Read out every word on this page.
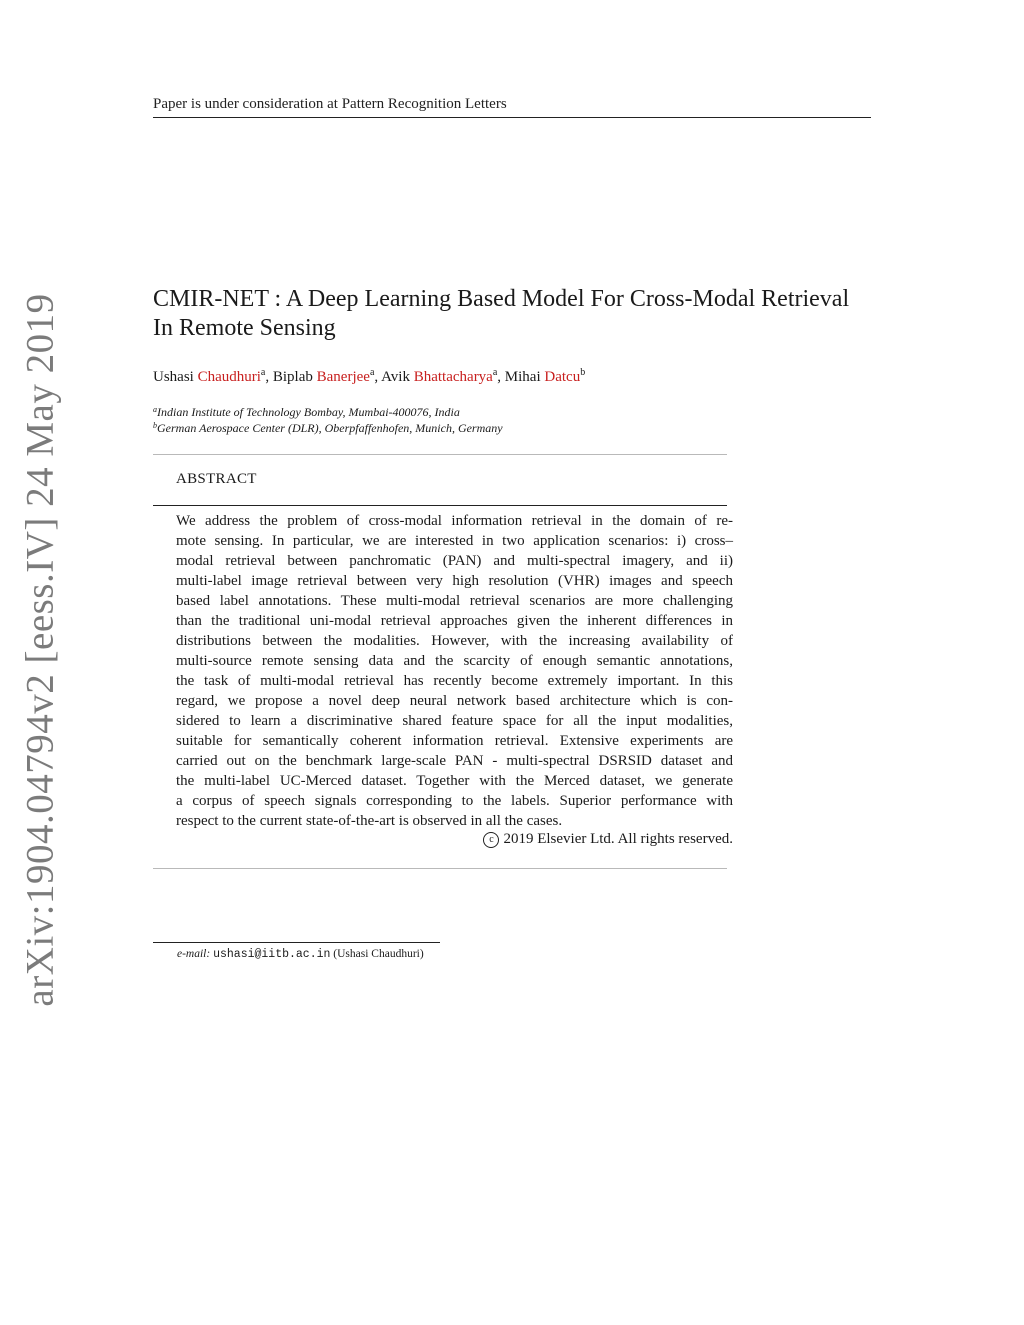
arXiv:1904.04794v2 [eess.IV] 24 May 2019
Paper is under consideration at Pattern Recognition Letters
CMIR-NET : A Deep Learning Based Model For Cross-Modal Retrieval
In Remote Sensing
Ushasi Chaudhuri$^a$, Biplab Banerjee$^a$, Avik Bhattacharya$^a$, Mihai Datcu$^b$
$^a$Indian Institute of Technology Bombay, Mumbai-400076, India
$^b$German Aerospace Center (DLR), Oberpfaffenhofen, Munich, Germany
ABSTRACT
We address the problem of cross-modal information retrieval in the domain of re-
mote sensing. In particular, we are interested in two application scenarios: i) cross–
modal retrieval between panchromatic (PAN) and multi-spectral imagery, and ii)
multi-label image retrieval between very high resolution (VHR) images and speech
based label annotations. These multi-modal retrieval scenarios are more challenging
than the traditional uni-modal retrieval approaches given the inherent differences in
distributions between the modalities. However, with the increasing availability of
multi-source remote sensing data and the scarcity of enough semantic annotations,
the task of multi-modal retrieval has recently become extremely important. In this
regard, we propose a novel deep neural network based architecture which is con-
sidered to learn a discriminative shared feature space for all the input modalities,
suitable for semantically coherent information retrieval. Extensive experiments are
carried out on the benchmark large-scale PAN - multi-spectral DSRSID dataset and
the multi-label UC-Merced dataset. Together with the Merced dataset, we generate
a corpus of speech signals corresponding to the labels. Superior performance with
respect to the current state-of-the-art is observed in all the cases.
c 2019 Elsevier Ltd. All rights reserved.
e-mail: ushasi@iitb.ac.in (Ushasi Chaudhuri)
